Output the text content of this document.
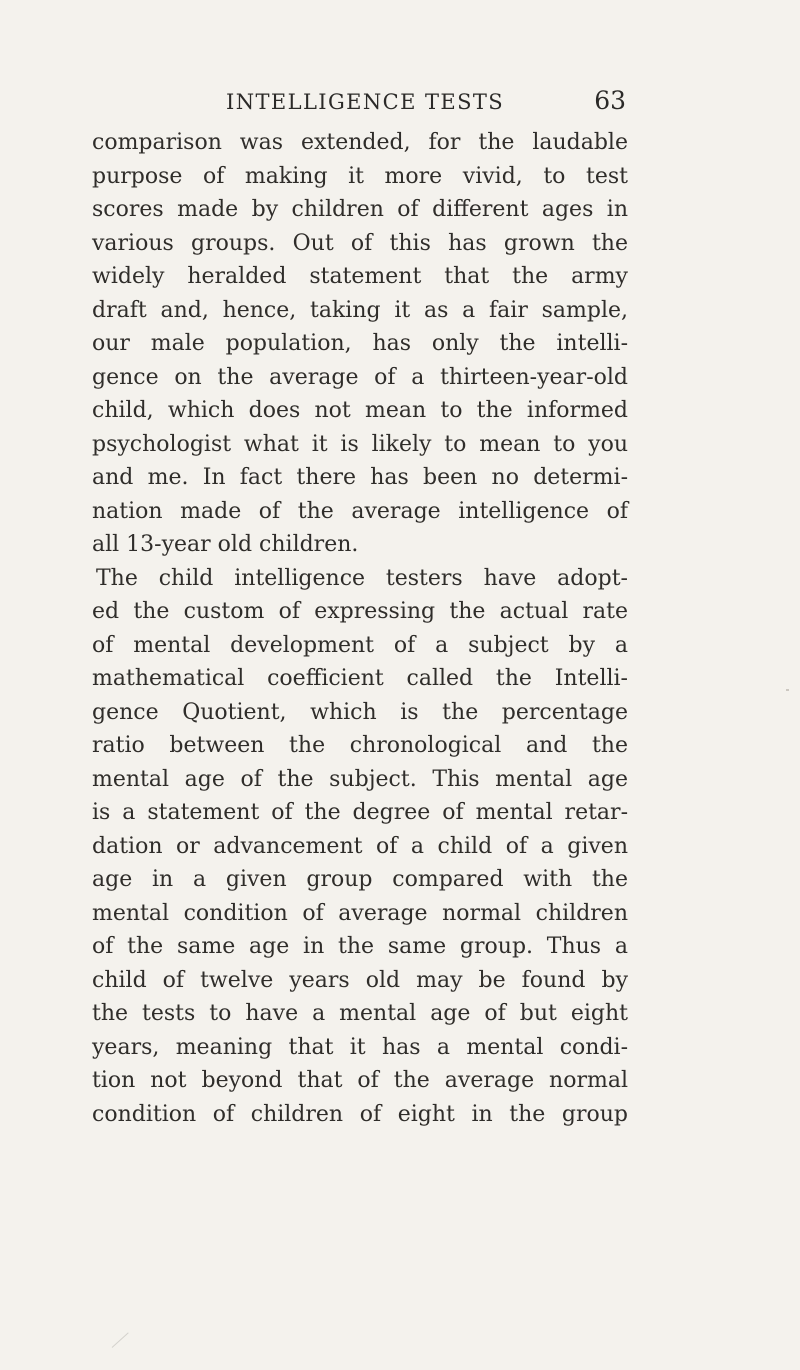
INTELLIGENCE TESTS	63
comparison was extended, for the laudable
purpose of making it more vivid, to test
scores made by children of different ages in
various groups. Out of this has grown the
widely heralded statement that the army
draft and, hence, taking it as a fair sample,
our male population, has only the intelli-
gence on the average of a thirteen-year-old
child, which does not mean to the informed
psychologist what it is likely to mean to you
and me. In fact there has been no determi-
nation made of the average intelligence of
all 13-year old children.
The child intelligence testers have adopt-
ed the custom of expressing the actual rate
of mental development of a subject by a
mathematical coefficient called the Intelli-
gence Quotient, which is the percentage
ratio between the chronological and the
mental age of the subject. This mental age
is a statement of the degree of mental retar-
dation or advancement of a child of a given
age in a given group compared with the
mental condition of average normal children
of the same age in the same group. Thus a
child of twelve years old may be found by
the tests to have a mental age of but eight
years, meaning that it has a mental condi-
tion not beyond that of the average normal
condition of children of eight in the group
